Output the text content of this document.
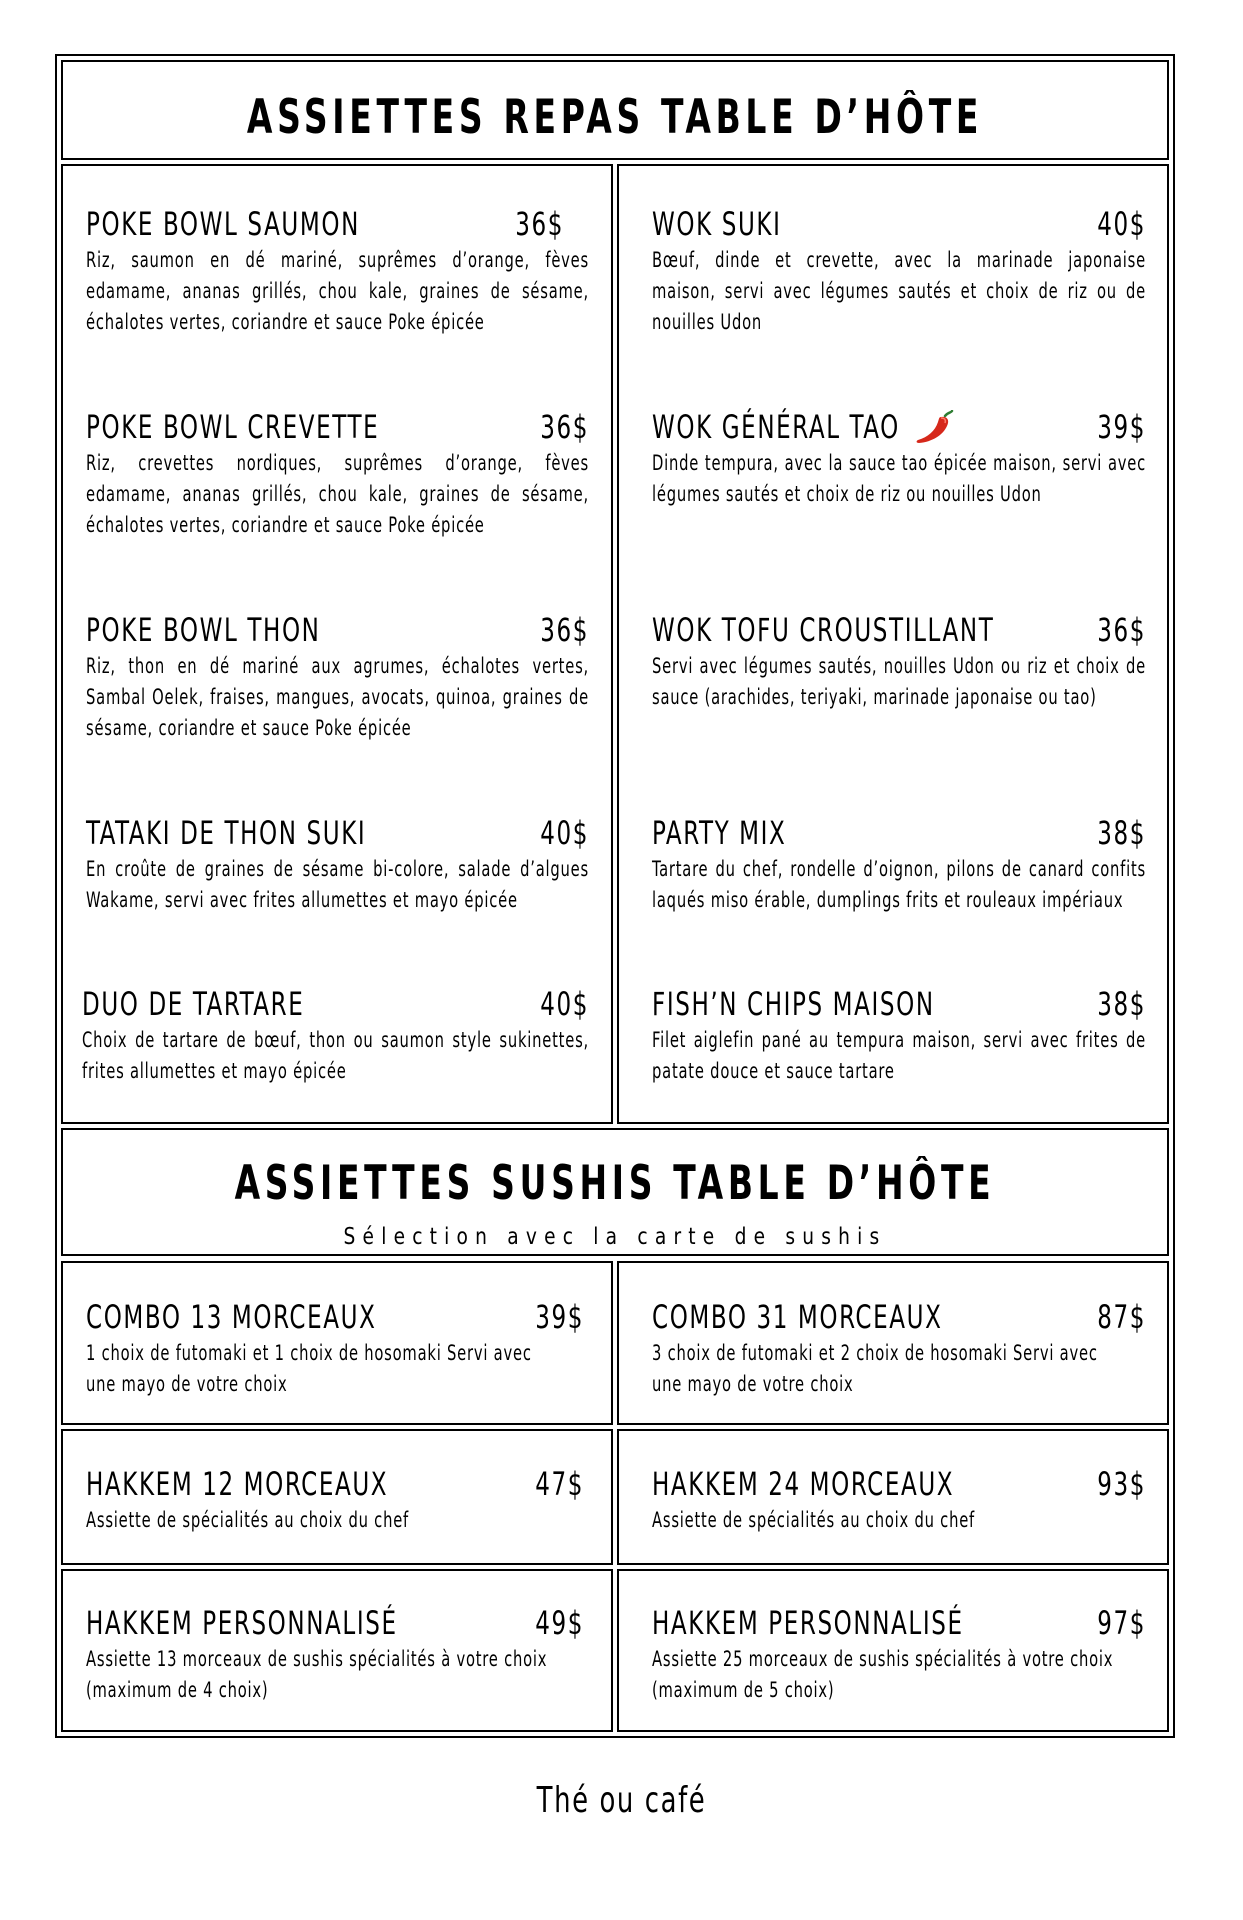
ASSIETTES REPAS TABLE D’HÔTE
ASSIETTES SUSHIS TABLE D’HÔTE
Sélection avec la carte de sushis
POKE BOWL SAUMON	36$
Riz, saumon en dé mariné, suprêmes d’orange, fèves edamame, ananas grillés, chou kale, graines de sésame, échalotes vertes, coriandre et sauce Poke épicée
POKE BOWL CREVETTE	36$
Riz, crevettes nordiques, suprêmes d’orange, fèves edamame, ananas grillés, chou kale, graines de sésame, échalotes vertes, coriandre et sauce Poke épicée
POKE BOWL THON	36$
Riz, thon en dé mariné aux agrumes, échalotes vertes, Sambal Oelek, fraises, mangues, avocats, quinoa, graines de sésame, coriandre et sauce Poke épicée
TATAKI DE THON SUKI	40$
En croûte de graines de sésame bi-colore, salade d’algues Wakame, servi avec frites allumettes et mayo épicée
DUO DE TARTARE	40$
Choix de tartare de bœuf, thon ou saumon style sukinettes, frites allumettes et mayo épicée
WOK SUKI	40$
Bœuf, dinde et crevette, avec la marinade japonaise maison, servi avec légumes sautés et choix de riz ou de nouilles Udon
WOK GÉNÉRAL TAO	39$
Dinde tempura, avec la sauce tao épicée maison, servi avec légumes sautés et choix de riz ou nouilles Udon
WOK TOFU CROUSTILLANT	36$
Servi avec légumes sautés, nouilles Udon ou riz et choix de sauce (arachides, teriyaki, marinade japonaise ou tao)
PARTY MIX	38$
Tartare du chef, rondelle d’oignon, pilons de canard confits laqués miso érable, dumplings frits et rouleaux impériaux
FISH’N CHIPS MAISON	38$
Filet aiglefin pané au tempura maison, servi avec frites de patate douce et sauce tartare
COMBO 13 MORCEAUX	39$
1 choix de futomaki et 1 choix de hosomaki Servi avec une mayo de votre choix
COMBO 31 MORCEAUX	87$
3 choix de futomaki et 2 choix de hosomaki Servi avec une mayo de votre choix
HAKKEM 12 MORCEAUX	47$
Assiette de spécialités au choix du chef
HAKKEM 24 MORCEAUX	93$
Assiette de spécialités au choix du chef
HAKKEM PERSONNALISÉ	49$
Assiette 13 morceaux de sushis spécialités à votre choix (maximum de 4 choix)
HAKKEM PERSONNALISÉ	97$
Assiette 25 morceaux de sushis spécialités à votre choix (maximum de 5 choix)
Thé ou café
